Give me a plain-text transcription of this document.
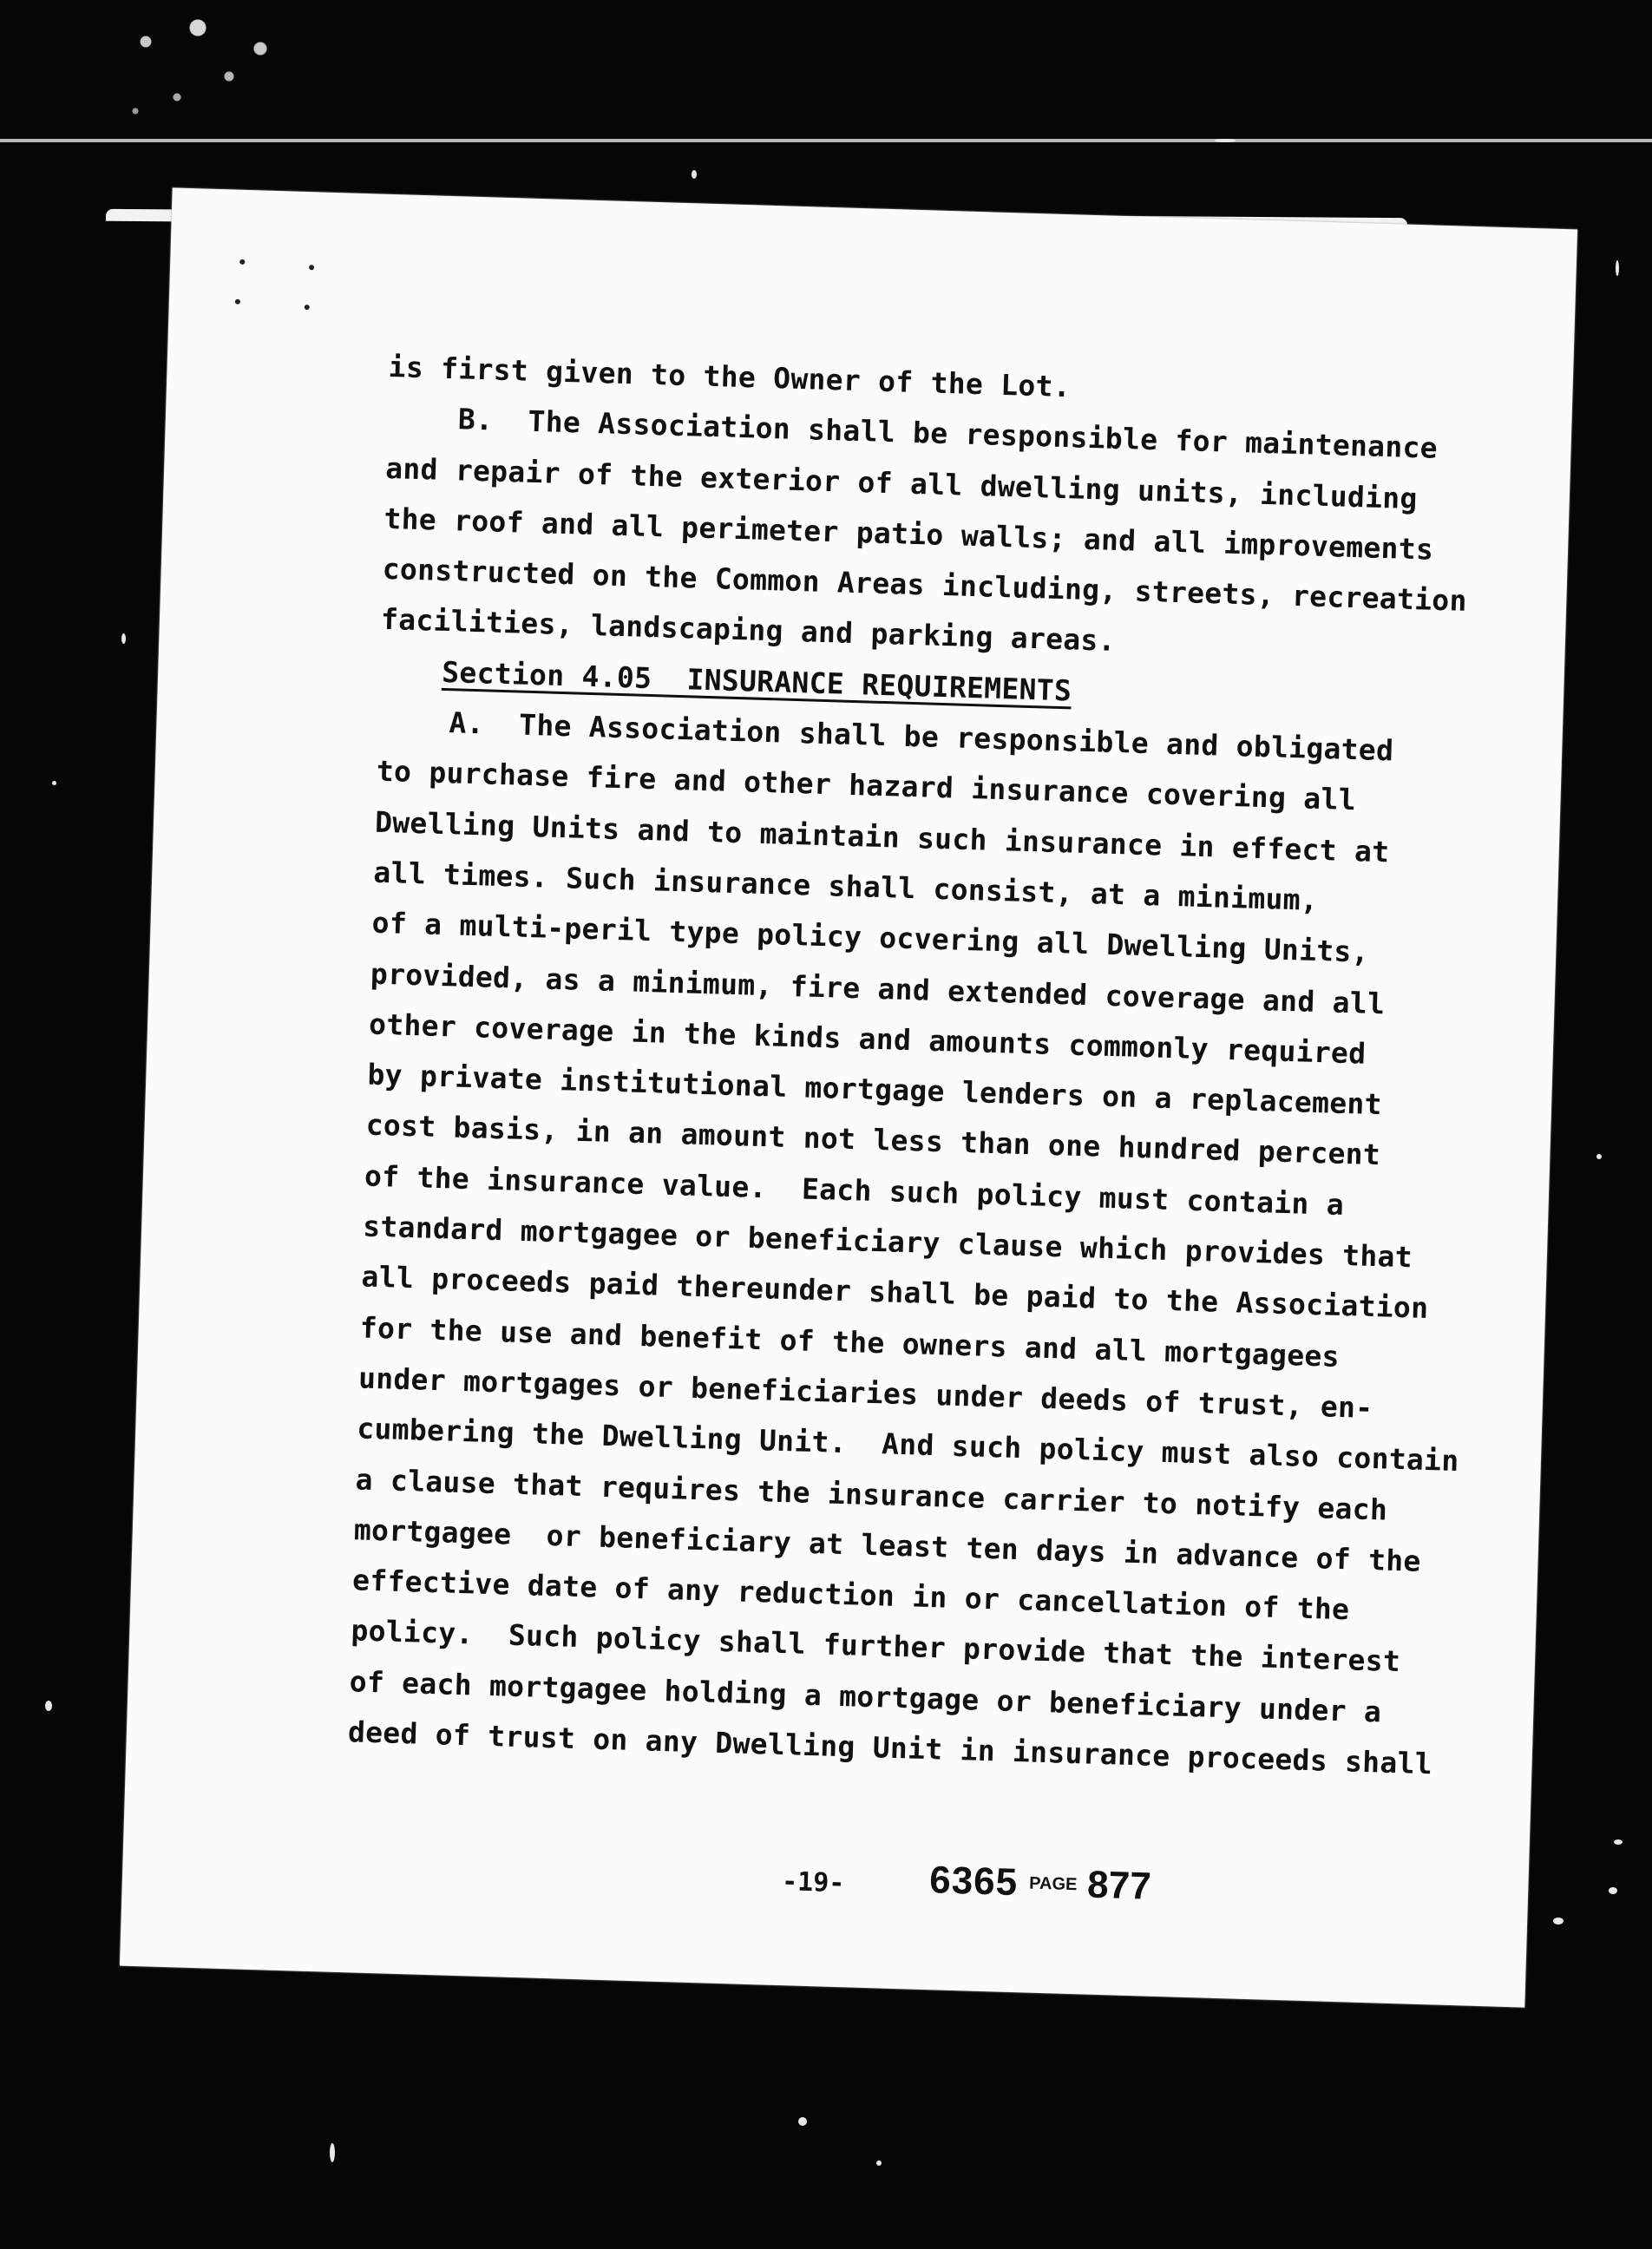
is first given to the Owner of the Lot.
B.  The Association shall be responsible for maintenance
and repair of the exterior of all dwelling units, including
the roof and all perimeter patio walls; and all improvements
constructed on the Common Areas including, streets, recreation
facilities, landscaping and parking areas.
Section 4.05  INSURANCE REQUIREMENTS
A.  The Association shall be responsible and obligated
to purchase fire and other hazard insurance covering all
Dwelling Units and to maintain such insurance in effect at
all times. Such insurance shall consist, at a minimum,
of a multi-peril type policy ocvering all Dwelling Units,
provided, as a minimum, fire and extended coverage and all
other coverage in the kinds and amounts commonly required
by private institutional mortgage lenders on a replacement
cost basis, in an amount not less than one hundred percent
of the insurance value.  Each such policy must contain a
standard mortgagee or beneficiary clause which provides that
all proceeds paid thereunder shall be paid to the Association
for the use and benefit of the owners and all mortgagees
under mortgages or beneficiaries under deeds of trust, en-
cumbering the Dwelling Unit.  And such policy must also contain
a clause that requires the insurance carrier to notify each
mortgagee  or beneficiary at least ten days in advance of the
effective date of any reduction in or cancellation of the
policy.  Such policy shall further provide that the interest
of each mortgagee holding a mortgage or beneficiary under a
deed of trust on any Dwelling Unit in insurance proceeds shall
-19- 6365 PAGE 877
